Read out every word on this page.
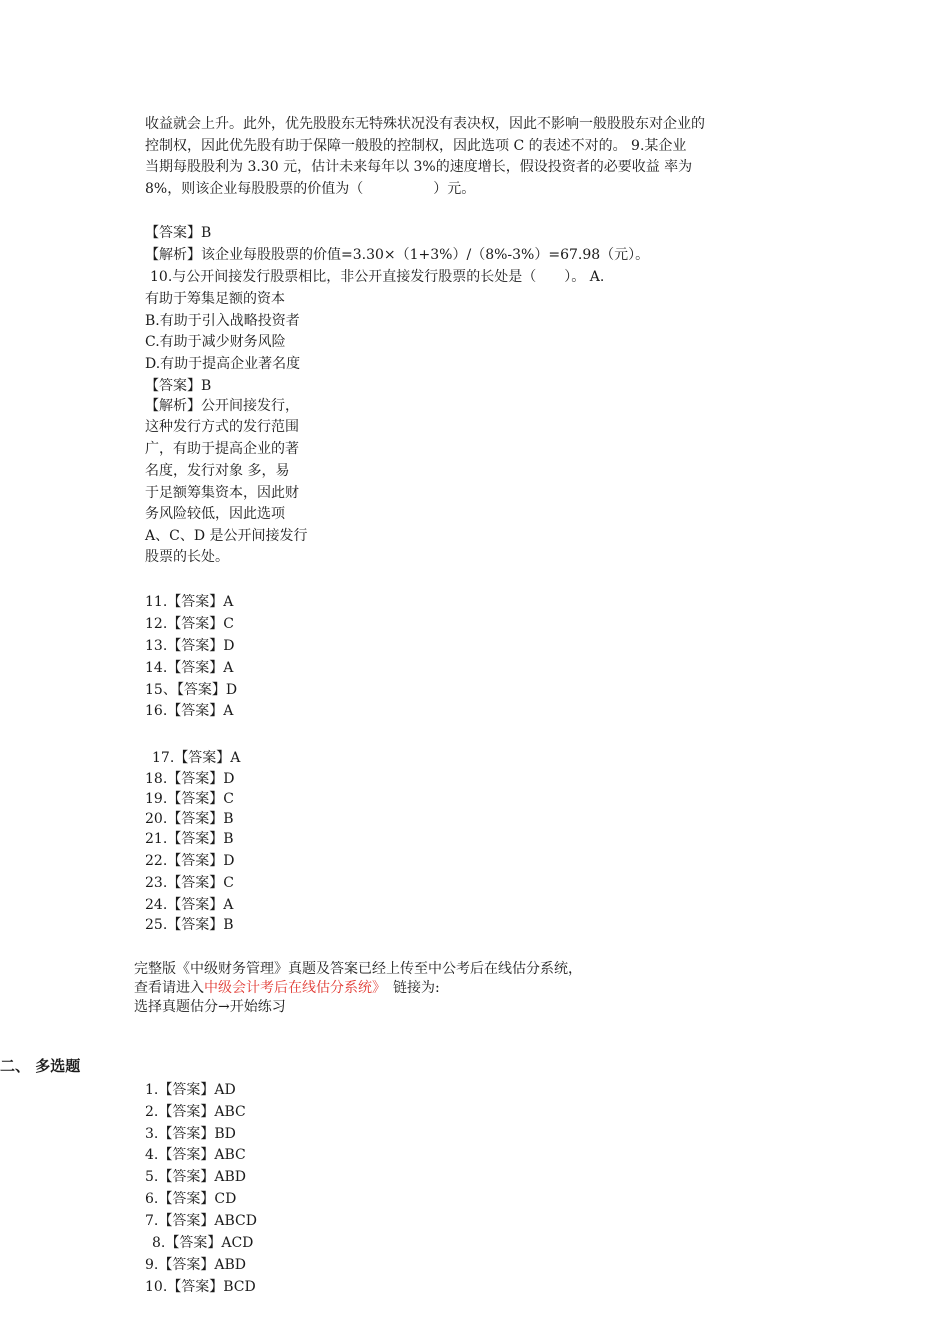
收益就会上升。此外，优先股股东无特殊状况没有表决权，因此不影响一般股股东对企业的
控制权，因此优先股有助于保障一般股的控制权，因此选项 C 的表述不对的。 9.某企业
当期每股股利为 3.30 元，估计未来每年以 3%的速度增长，假设投资者的必要收益 率为
8%，则该企业每股股票的价值为（　　　　　）元。
【答案】B
【解析】该企业每股股票的价值=3.30×（1+3%）/（8%-3%）=67.98（元）。
10.与公开间接发行股票相比，非公开直接发行股票的长处是（　　）。 A.
有助于筹集足额的资本
B.有助于引入战略投资者
C.有助于减少财务风险
D.有助于提高企业著名度
【答案】B
【解析】公开间接发行，
这种发行方式的发行范围
广，有助于提高企业的著
名度，发行对象 多，易
于足额筹集资本，因此财
务风险较低，因此选项
A、C、D 是公开间接发行
股票的长处。
11.【答案】A
12.【答案】C
13.【答案】D
14.【答案】A
15、【答案】D
16.【答案】A
17.【答案】A
18.【答案】D
19.【答案】C
20.【答案】B
21.【答案】B
22.【答案】D
23.【答案】C
24.【答案】A
25.【答案】B
完整版《中级财务管理》真题及答案已经上传至中公考后在线估分系统，
查看请进入中级会计考后在线估分系统》　链接为:
选择真题估分→开始练习
二、 多选题
1.【答案】AD
2.【答案】ABC
3.【答案】BD
4.【答案】ABC
5.【答案】ABD
6.【答案】CD
7.【答案】ABCD
8.【答案】ACD
9.【答案】ABD
10.【答案】BCD
